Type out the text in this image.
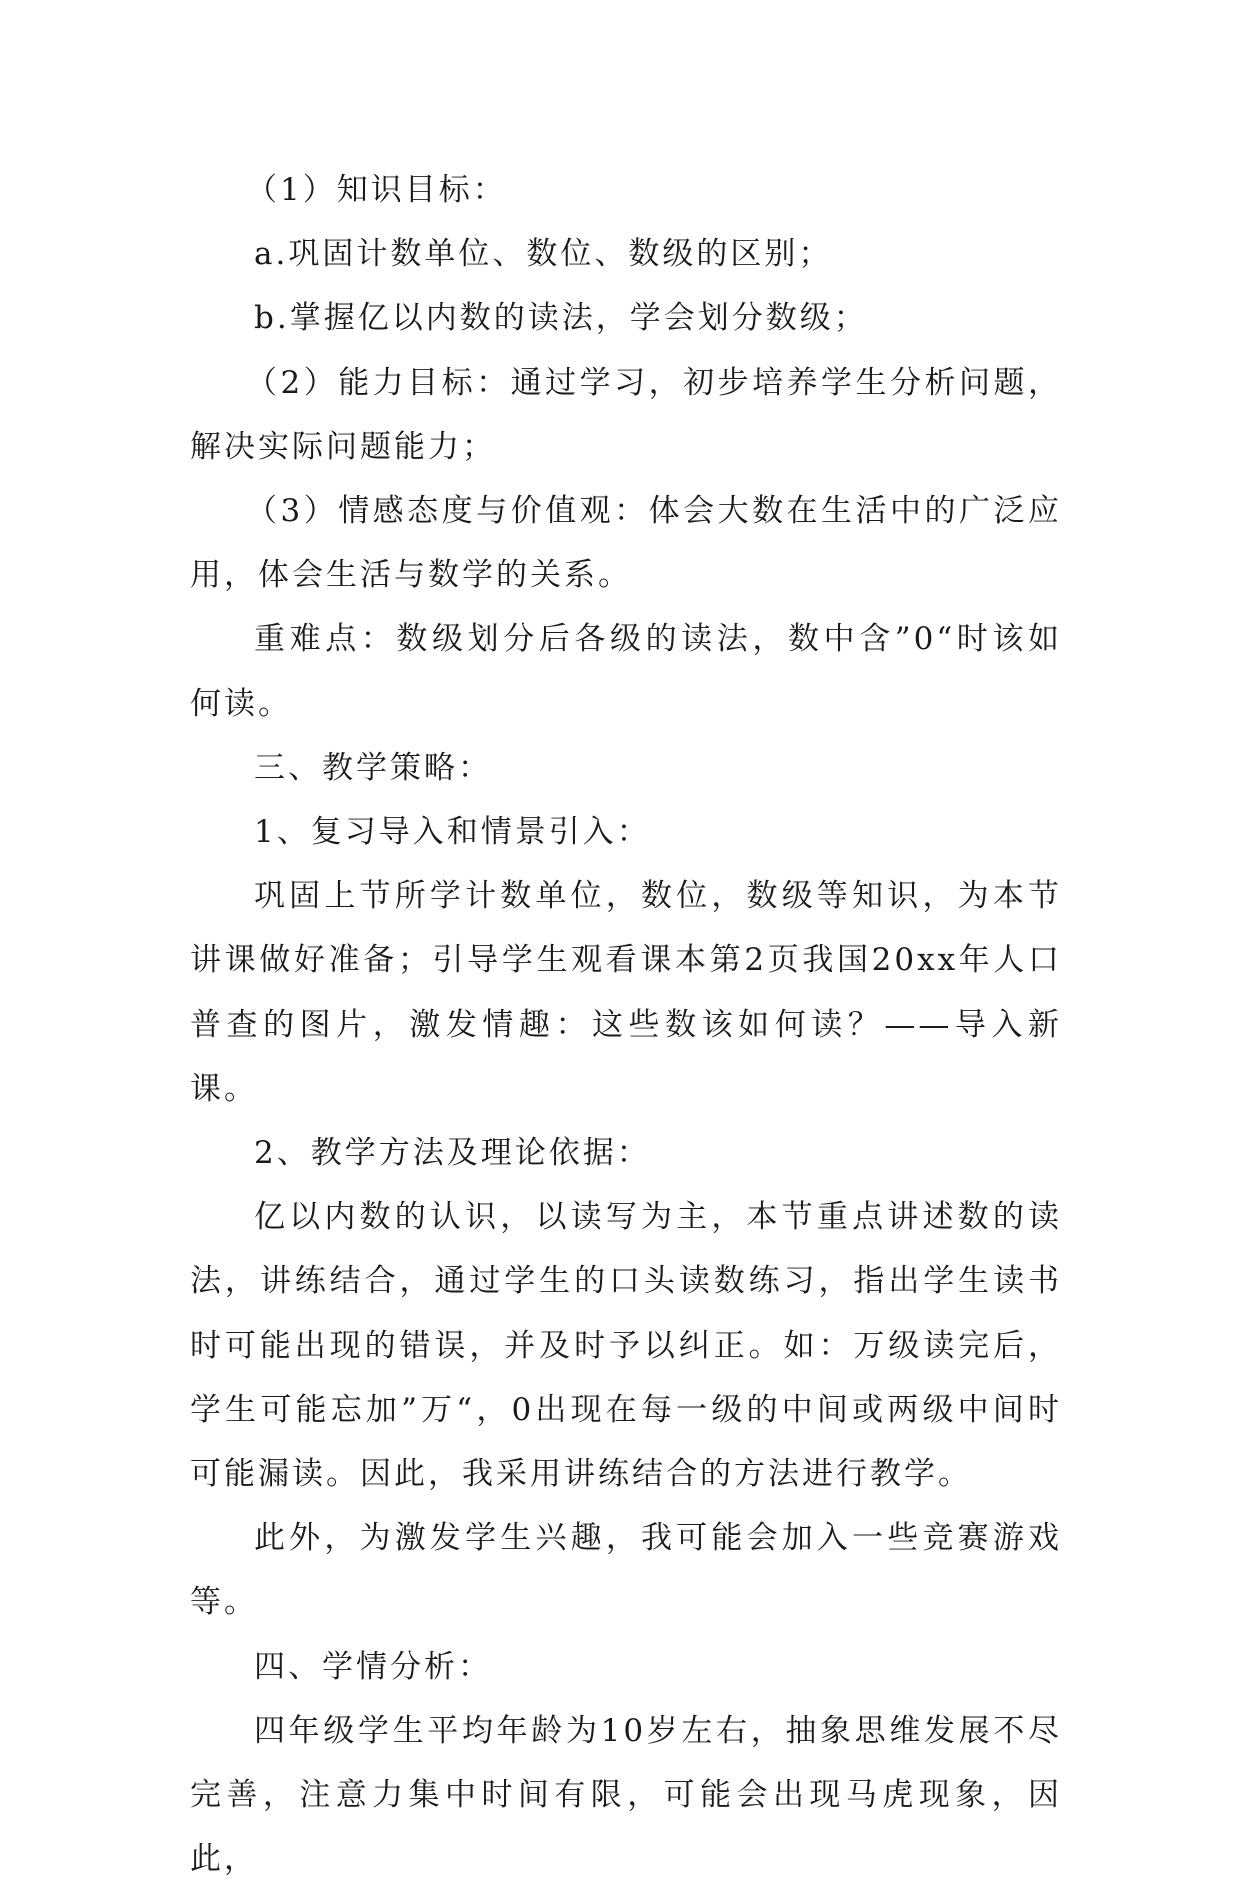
（1）知识目标：

a.巩固计数单位、数位、数级的区别；

b.掌握亿以内数的读法，学会划分数级；

（2）能力目标：通过学习，初步培养学生分析问题，解决实际问题能力；

（3）情感态度与价值观：体会大数在生活中的广泛应用，体会生活与数学的关系。

重难点：数级划分后各级的读法，数中含”0“时该如何读。

三、教学策略：

1、复习导入和情景引入：

巩固上节所学计数单位，数位，数级等知识，为本节讲课做好准备；引导学生观看课本第2页我国20xx年人口普查的图片，激发情趣：这些数该如何读？——导入新课。

2、教学方法及理论依据：

亿以内数的认识，以读写为主，本节重点讲述数的读法，讲练结合，通过学生的口头读数练习，指出学生读书时可能出现的错误，并及时予以纠正。如：万级读完后，学生可能忘加”万“，0出现在每一级的中间或两级中间时可能漏读。因此，我采用讲练结合的方法进行教学。

此外，为激发学生兴趣，我可能会加入一些竞赛游戏等。

四、学情分析：

四年级学生平均年龄为10岁左右，抽象思维发展不尽完善，注意力集中时间有限，可能会出现马虎现象，因此，
